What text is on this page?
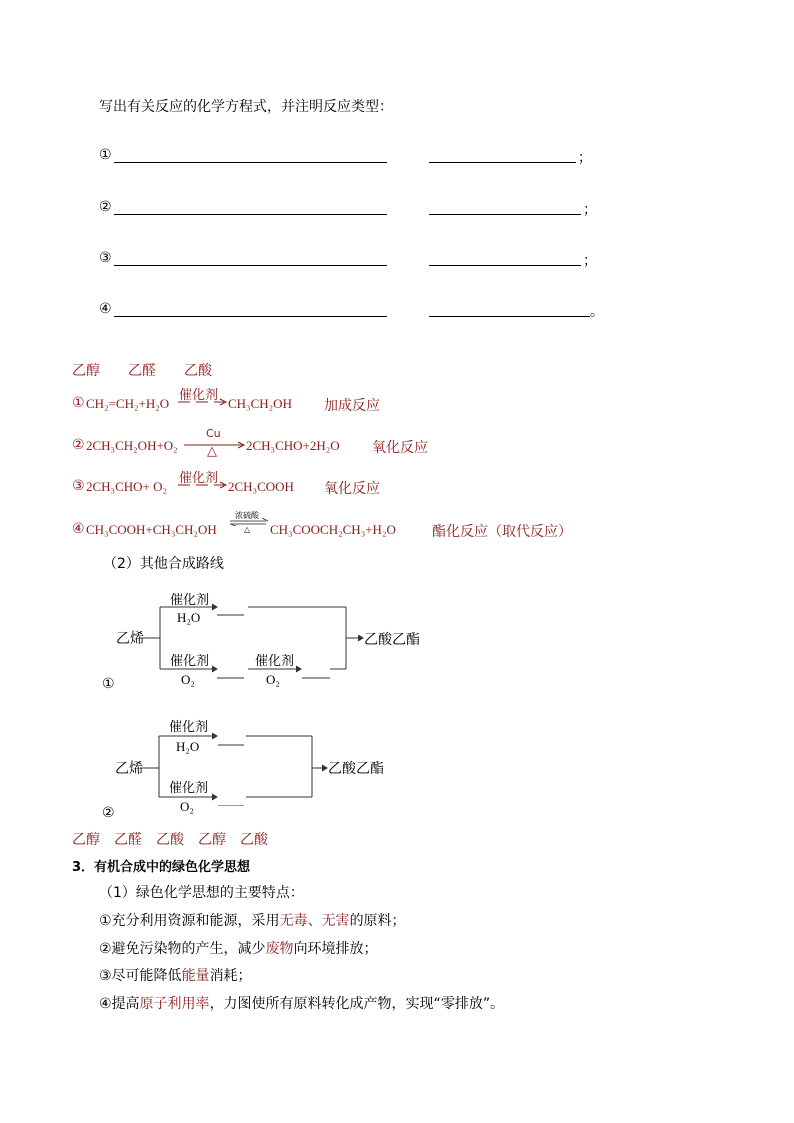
写出有关反应的化学方程式，并注明反应类型：
①	；
②	；
③	；
④	。
乙醇 乙醛 乙酸
① CH₂=CH₂+H₂O
催化剂
CH₃CH₂OH 加成反应
② 2CH₃CH₂OH+O₂
Cu
△ 2CH₃CHO+2H₂O 氧化反应
③ 2CH₃CHO+ O₂
催化剂
2CH₃COOH 氧化反应
④ CH₃COOH+CH₃CH₂OH
浓硫酸
△ CH₃COOCH₂CH₃+H₂O	酯化反应（取代反应）
（2）其他合成路线
乙烯
催化剂
H₂O
催化剂
O₂
催化剂
O₂
乙酸乙酯
①
乙烯
催化剂
H₂O
催化剂
O₂
乙酸乙酯
②
乙醇 乙醛 乙酸 乙醇 乙酸
3．有机合成中的绿色化学思想
（1）绿色化学思想的主要特点：
①充分利用资源和能源，采用无毒、无害的原料；
②避免污染物的产生，减少废物向环境排放；
③尽可能降低能量消耗；
④提高原子利用率，力图使所有原料转化成产物，实现“零排放”。
